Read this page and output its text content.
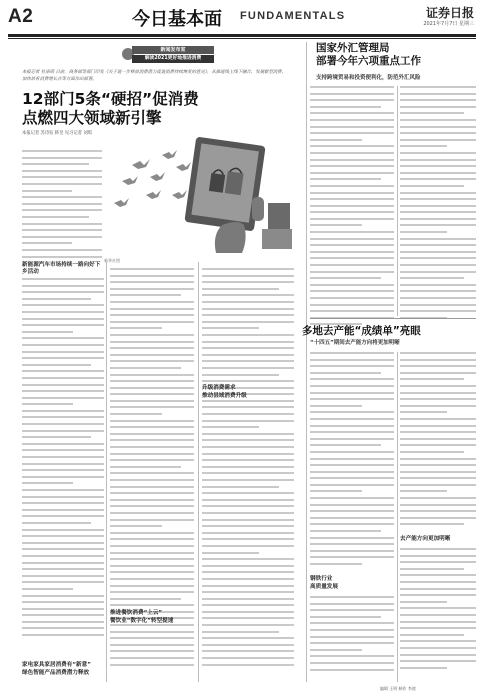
A2	今日基本面 FUNDAMENTALS	证券日报
2021年7月7日 星期三
新闻发布室
解读2021更好地推进消费
本报记者 杜雨萌 日前，商务部等部门印发《关于进一步释放消费潜力促进消费持续恢复的意见》，从推进线上线下融合、发展新型消费、加快培育消费增长点等方面作出部署。
12部门5条“硬招”促消费
点燃四大领域新引擎
本报记者 苏诗钰 韩昱 见习记者 刘琪
新能源汽车市场持续一路向好下乡活动
家电家具家居消费有“新意”
绿色智能产品消费潜力释放
推进餐饮消费“上云”
餐饮业“数字化”转型提速
升级消费需求
推动县域消费升级
新华社图
国家外汇管理局
部署今年六项重点工作
支持跨境贸易和投资便利化，防范外汇风险
多地去产能“成绩单”亮眼
“十四五”期间去产能方向将更加明晰
钢铁行业
高质量发展
去产能方向更加明晰
编辑 王明 制作 李波
